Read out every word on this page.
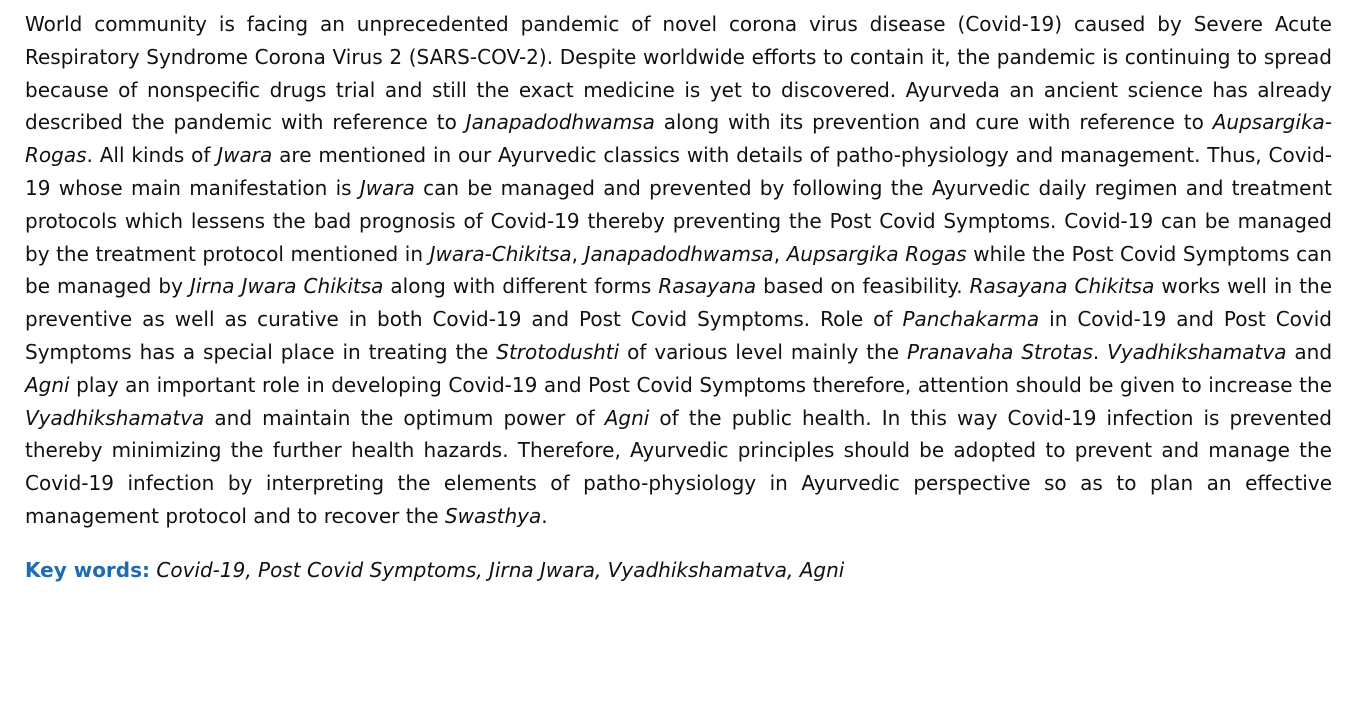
World community is facing an unprecedented pandemic of novel corona virus disease (Covid-19) caused by Severe Acute Respiratory Syndrome Corona Virus 2 (SARS-COV-2). Despite worldwide efforts to contain it, the pandemic is continuing to spread because of nonspecific drugs trial and still the exact medicine is yet to discovered. Ayurveda an ancient science has already described the pandemic with reference to Janapadodhwamsa along with its prevention and cure with reference to Aupsargika-Rogas. All kinds of Jwara are mentioned in our Ayurvedic classics with details of patho-physiology and management. Thus, Covid-19 whose main manifestation is Jwara can be managed and prevented by following the Ayurvedic daily regimen and treatment protocols which lessens the bad prognosis of Covid-19 thereby preventing the Post Covid Symptoms. Covid-19 can be managed by the treatment protocol mentioned in Jwara-Chikitsa, Janapadodhwamsa, Aupsargika Rogas while the Post Covid Symptoms can be managed by Jirna Jwara Chikitsa along with different forms Rasayana based on feasibility. Rasayana Chikitsa works well in the preventive as well as curative in both Covid-19 and Post Covid Symptoms. Role of Panchakarma in Covid-19 and Post Covid Symptoms has a special place in treating the Strotodushti of various level mainly the Pranavaha Strotas. Vyadhikshamatva and Agni play an important role in developing Covid-19 and Post Covid Symptoms therefore, attention should be given to increase the Vyadhikshamatva and maintain the optimum power of Agni of the public health. In this way Covid-19 infection is prevented thereby minimizing the further health hazards. Therefore, Ayurvedic principles should be adopted to prevent and manage the Covid-19 infection by interpreting the elements of patho-physiology in Ayurvedic perspective so as to plan an effective management protocol and to recover the Swasthya.

Key words: Covid-19, Post Covid Symptoms, Jirna Jwara, Vyadhikshamatva, Agni
